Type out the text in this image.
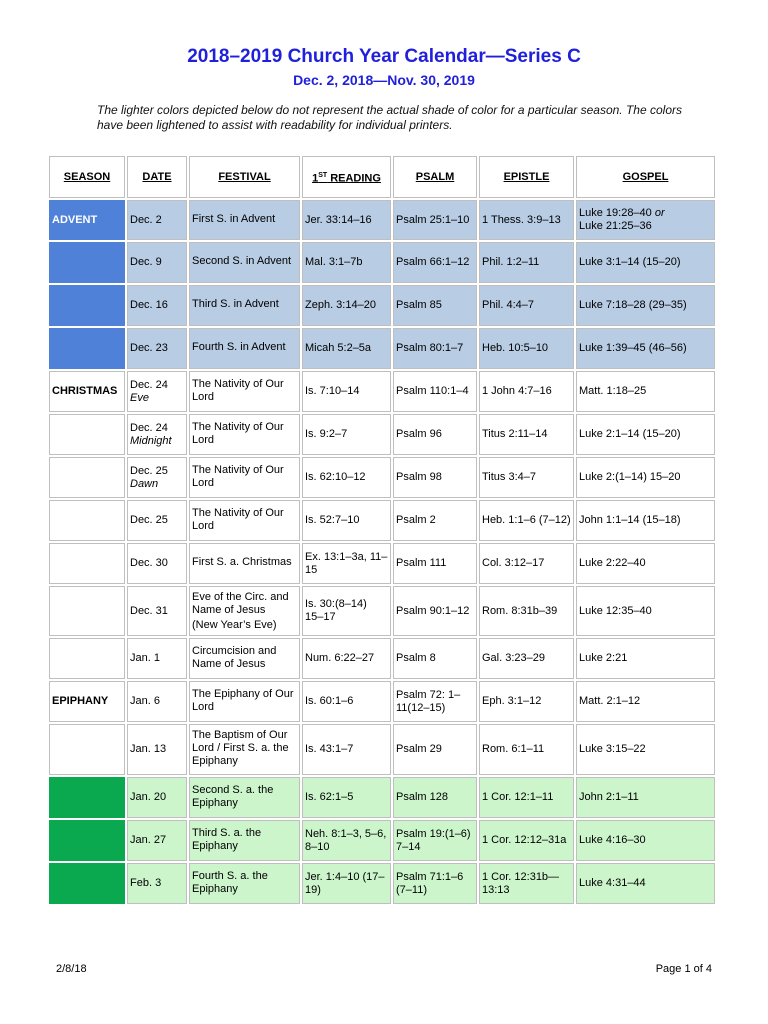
2018–2019 Church Year Calendar—Series C
Dec. 2, 2018—Nov. 30, 2019

The lighter colors depicted below do not represent the actual shade of color for a particular season. The colors have been lightened to assist with readability for individual printers.

SEASON	DATE	FESTIVAL	1ST READING	PSALM	EPISTLE	GOSPEL
ADVENT	Dec. 2	First S. in Advent	Jer. 33:14–16	Psalm 25:1–10	1 Thess. 3:9–13	Luke 19:28–40 or
Luke 21:25–36

	Dec. 9	Second S. in Advent	Mal. 3:1–7b	Psalm 66:1–12	Phil. 1:2–11	Luke 3:1–14 (15–20)

	Dec. 16	Third S. in Advent	Zeph. 3:14–20	Psalm 85	Phil. 4:4–7	Luke 7:18–28 (29–35)

	Dec. 23	Fourth S. in Advent	Micah 5:2–5a	Psalm 80:1–7	Heb. 10:5–10	Luke 1:39–45 (46–56)

CHRISTMAS	Dec. 24
Eve	The Nativity of Our Lord	Is. 7:10–14	Psalm 110:1–4	1 John 4:7–16	Matt. 1:18–25

	Dec. 24
Midnight	The Nativity of Our Lord	Is. 9:2–7	Psalm 96	Titus 2:11–14	Luke 2:1–14 (15–20)

	Dec. 25
Dawn	The Nativity of Our Lord	Is. 62:10–12	Psalm 98	Titus 3:4–7	Luke 2:(1–14) 15–20

	Dec. 25	The Nativity of Our Lord	Is. 52:7–10	Psalm 2	Heb. 1:1–6 (7–12)	John 1:1–14 (15–18)

	Dec. 30	First S. a. Christmas	Ex. 13:1–3a, 11–15	Psalm 111	Col. 3:12–17	Luke 2:22–40

	Dec. 31	Eve of the Circ. and Name of Jesus
(New Year’s Eve)	Is. 30:(8–14) 15–17	Psalm 90:1–12	Rom. 8:31b–39	Luke 12:35–40

	Jan. 1	Circumcision and Name of Jesus	Num. 6:22–27	Psalm 8	Gal. 3:23–29	Luke 2:21

EPIPHANY	Jan. 6	The Epiphany of Our Lord	Is. 60:1–6	Psalm 72: 1–11(12–15)	Eph. 3:1–12	Matt. 2:1–12

	Jan. 13	The Baptism of Our Lord / First S. a. the Epiphany	Is. 43:1–7	Psalm 29	Rom. 6:1–11	Luke 3:15–22

	Jan. 20	Second S. a. the Epiphany	Is. 62:1–5	Psalm 128	1 Cor. 12:1–11	John 2:1–11

	Jan. 27	Third S. a. the Epiphany	Neh. 8:1–3, 5–6, 8–10	Psalm 19:(1–6) 7–14	1 Cor. 12:12–31a	Luke 4:16–30

	Feb. 3	Fourth S. a. the Epiphany	Jer. 1:4–10 (17–19)	Psalm 71:1–6 (7–11)	1 Cor. 12:31b—13:13	Luke 4:31–44

2/8/18	Page 1 of 4
